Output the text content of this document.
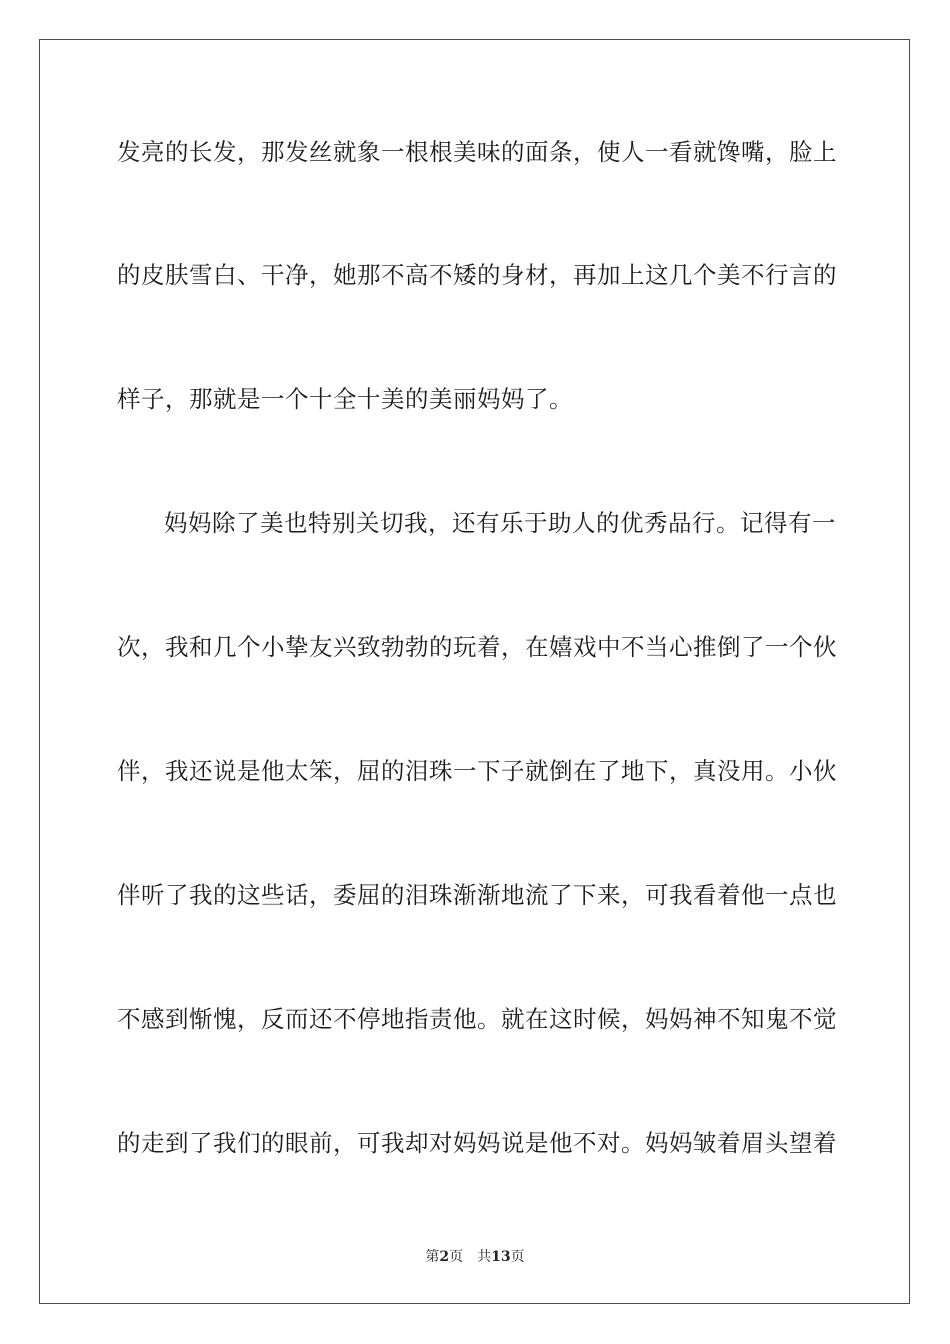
发亮的长发，那发丝就象一根根美味的面条，使人一看就馋嘴，脸上
的皮肤雪白、干净，她那不高不矮的身材，再加上这几个美不行言的
样子，那就是一个十全十美的美丽妈妈了。
妈妈除了美也特别关切我，还有乐于助人的优秀品行。记得有一
次，我和几个小挚友兴致勃勃的玩着，在嬉戏中不当心推倒了一个伙
伴，我还说是他太笨，屈的泪珠一下子就倒在了地下，真没用。小伙
伴听了我的这些话，委屈的泪珠渐渐地流了下来，可我看着他一点也
不感到惭愧，反而还不停地指责他。就在这时候，妈妈神不知鬼不觉
的走到了我们的眼前，可我却对妈妈说是他不对。妈妈皱着眉头望着
第2页 共13页
